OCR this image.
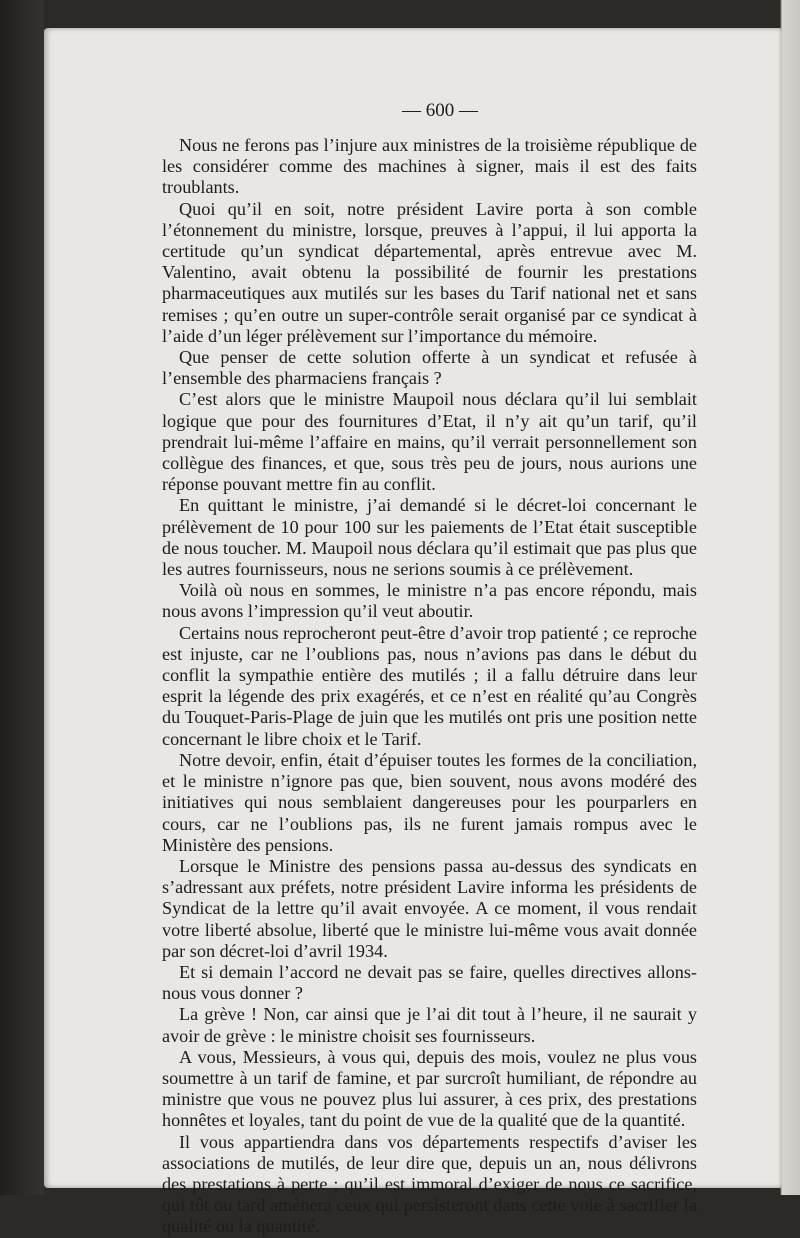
— 600 —

Nous ne ferons pas l’injure aux ministres de la troisième république de les considérer comme des machines à signer, mais il est des faits troublants.

Quoi qu’il en soit, notre président Lavire porta à son comble l’étonnement du ministre, lorsque, preuves à l’appui, il lui apporta la certitude qu’un syndicat départemental, après entrevue avec M. Valentino, avait obtenu la possibilité de fournir les prestations pharmaceutiques aux mutilés sur les bases du Tarif national net et sans remises ; qu’en outre un super-contrôle serait organisé par ce syndicat à l’aide d’un léger prélèvement sur l’importance du mémoire.

Que penser de cette solution offerte à un syndicat et refusée à l’ensemble des pharmaciens français ?

C’est alors que le ministre Maupoil nous déclara qu’il lui semblait logique que pour des fournitures d’Etat, il n’y ait qu’un tarif, qu’il prendrait lui-même l’affaire en mains, qu’il verrait personnellement son collègue des finances, et que, sous très peu de jours, nous aurions une réponse pouvant mettre fin au conflit.

En quittant le ministre, j’ai demandé si le décret-loi concernant le prélèvement de 10 pour 100 sur les paiements de l’Etat était susceptible de nous toucher. M. Maupoil nous déclara qu’il estimait que pas plus que les autres fournisseurs, nous ne serions soumis à ce prélèvement.

Voilà où nous en sommes, le ministre n’a pas encore répondu, mais nous avons l’impression qu’il veut aboutir.

Certains nous reprocheront peut-être d’avoir trop patienté ; ce reproche est injuste, car ne l’oublions pas, nous n’avions pas dans le début du conflit la sympathie entière des mutilés ; il a fallu détruire dans leur esprit la légende des prix exagérés, et ce n’est en réalité qu’au Congrès du Touquet-Paris-Plage de juin que les mutilés ont pris une position nette concernant le libre choix et le Tarif.

Notre devoir, enfin, était d’épuiser toutes les formes de la conciliation, et le ministre n’ignore pas que, bien souvent, nous avons modéré des initiatives qui nous semblaient dangereuses pour les pourparlers en cours, car ne l’oublions pas, ils ne furent jamais rompus avec le Ministère des pensions.

Lorsque le Ministre des pensions passa au-dessus des syndicats en s’adressant aux préfets, notre président Lavire informa les présidents de Syndicat de la lettre qu’il avait envoyée. A ce moment, il vous rendait votre liberté absolue, liberté que le ministre lui-même vous avait donnée par son décret-loi d’avril 1934.

Et si demain l’accord ne devait pas se faire, quelles directives allons-nous vous donner ?

La grève ! Non, car ainsi que je l’ai dit tout à l’heure, il ne saurait y avoir de grève : le ministre choisit ses fournisseurs.

A vous, Messieurs, à vous qui, depuis des mois, voulez ne plus vous soumettre à un tarif de famine, et par surcroît humiliant, de répondre au ministre que vous ne pouvez plus lui assurer, à ces prix, des prestations honnêtes et loyales, tant du point de vue de la qualité que de la quantité.

Il vous appartiendra dans vos départements respectifs d’aviser les associations de mutilés, de leur dire que, depuis un an, nous délivrons des prestations à perte ; qu’il est immoral d’exiger de nous ce sacrifice, qui tôt ou tard amènera ceux qui persisteront dans cette voie à sacrifier la qualité ou la quantité.
